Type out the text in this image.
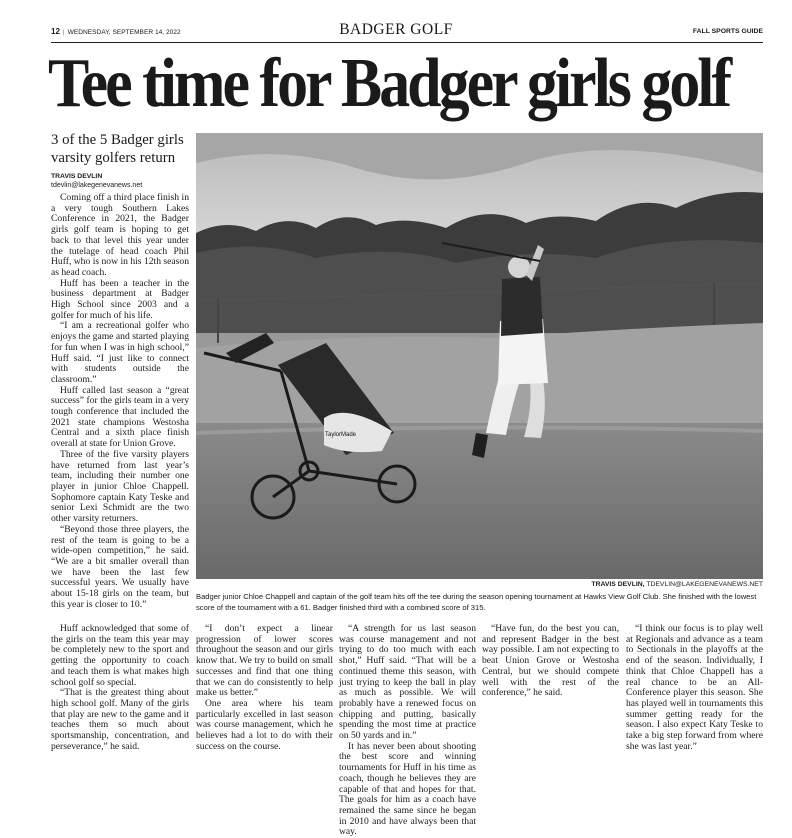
12 | WEDNESDAY, SEPTEMBER 14, 2022	BADGER GOLF	FALL SPORTS GUIDE
Tee time for Badger girls golf
3 of the 5 Badger girls varsity golfers return
TRAVIS DEVLIN
tdevlin@lakegenevanews.net
TaylorMade
TRAVIS DEVLIN, TDEVLIN@LAKEGENEVANEWS.NET
Badger junior Chloe Chappell and captain of the golf team hits off the tee during the season opening tournament at Hawks View Golf Club. She finished with the lowest score of the tournament with a 61. Badger finished third with a combined score of 315.

Coming off a third place finish in a very tough Southern Lakes Conference in 2021, the Badger girls golf team is hoping to get back to that level this year under the tutelage of head coach Phil Huff, who is now in his 12th season as head coach.

Huff has been a teacher in the business department at Badger High School since 2003 and a golfer for much of his life.

“I am a recreational golfer who enjoys the game and started playing for fun when I was in high school,” Huff said. “I just like to connect with students outside the classroom.”

Huff called last season a “great success” for the girls team in a very tough conference that included the 2021 state champions Westosha Central and a sixth place finish overall at state for Union Grove.

Three of the five varsity players have returned from last year’s team, including their number one player in junior Chloe Chappell. Sophomore captain Katy Teske and senior Lexi Schmidt are the two other varsity returners.

“Beyond those three players, the rest of the team is going to be a wide-open competition,” he said. “We are a bit smaller overall than we have been the last few successful years. We usually have about 15-18 girls on the team, but this year is closer to 10.”

Huff acknowledged that some of the girls on the team this year may be completely new to the sport and getting the opportunity to coach and teach them is what makes high school golf so special.

“That is the greatest thing about high school golf. Many of the girls that play are new to the game and it teaches them so much about sportsmanship, concentration, and perseverance,” he said.

“I don’t expect a linear progression of lower scores throughout the season and our girls know that. We try to build on small successes and find that one thing that we can do consistently to help make us better.”

One area where his team particularly excelled in last season was course management, which he believes had a lot to do with their success on the course.

“A strength for us last season was course management and not trying to do too much with each shot,” Huff said. “That will be a continued theme this season, with just trying to keep the ball in play as much as possible. We will probably have a renewed focus on chipping and putting, basically spending the most time at practice on 50 yards and in.”

It has never been about shooting the best score and winning tournaments for Huff in his time as coach, though he believes they are capable of that and hopes for that. The goals for him as a coach have remained the same since he began in 2010 and have always been that way.

“Have fun, do the best you can, and represent Badger in the best way possible. I am not expecting to beat Union Grove or Westosha Central, but we should compete well with the rest of the conference,” he said.

“I think our focus is to play well at Regionals and advance as a team to Sectionals in the playoffs at the end of the season. Individually, I think that Chloe Chappell has a real chance to be an All-Conference player this season. She has played well in tournaments this summer getting ready for the season. I also expect Katy Teske to take a big step forward from where she was last year.”
